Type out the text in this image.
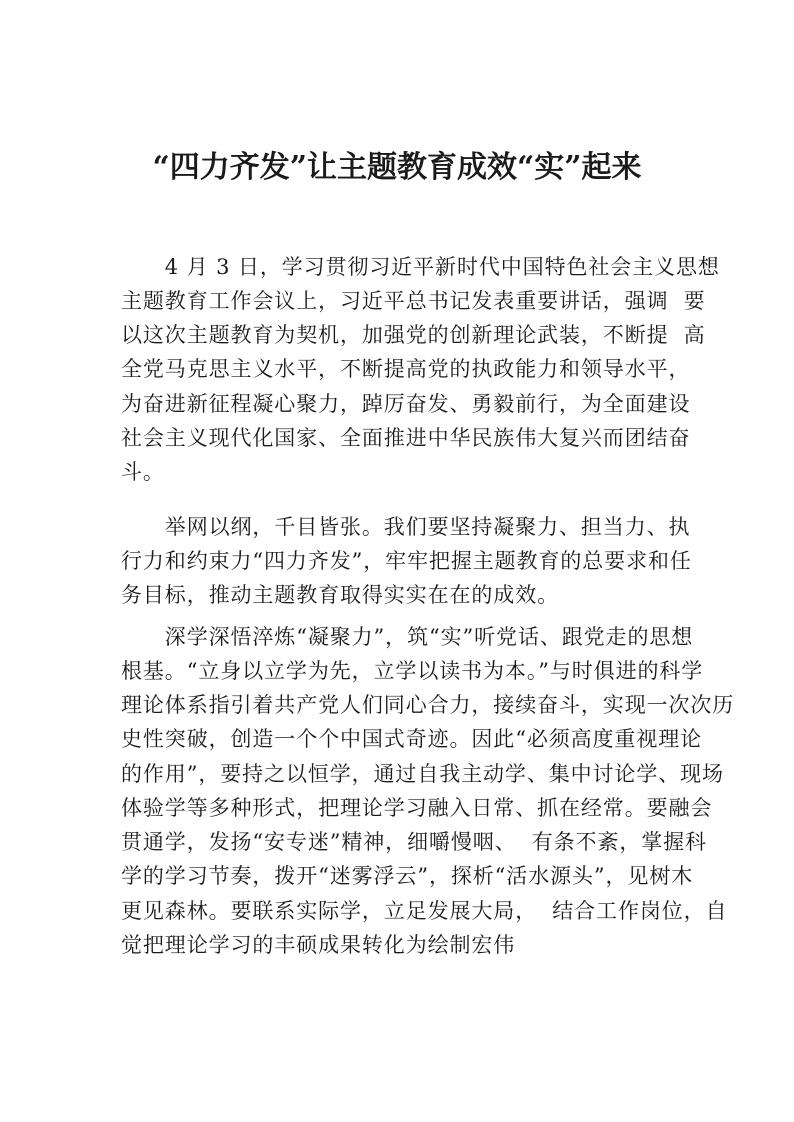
“四力齐发”让主题教育成效“实”起来
　　4 月 3 日，学习贯彻习近平新时代中国特色社会主义思想
主题教育工作会议上，习近平总书记发表重要讲话，强调  要
以这次主题教育为契机，加强党的创新理论武装，不断提  高
全党马克思主义水平，不断提高党的执政能力和领导水平，
为奋进新征程凝心聚力，踔厉奋发、勇毅前行，为全面建设
社会主义现代化国家、全面推进中华民族伟大复兴而团结奋
斗。
　　举网以纲，千目皆张。我们要坚持凝聚力、担当力、执
行力和约束力“四力齐发”，牢牢把握主题教育的总要求和任
务目标，推动主题教育取得实实在在的成效。
　　深学深悟淬炼“凝聚力”，筑“实”听党话、跟党走的思想
根基。“立身以立学为先，立学以读书为本。”与时俱进的科学
理论体系指引着共产党人们同心合力，接续奋斗，实现一次次历
史性突破，创造一个个中国式奇迹。因此“必须高度重视理论
的作用”，要持之以恒学，通过自我主动学、集中讨论学、现场
体验学等多种形式，把理论学习融入日常、抓在经常。要融会
贯通学，发扬“安专迷”精神，细嚼慢咽、  有条不紊，掌握科
学的学习节奏，拨开“迷雾浮云”，探析“活水源头”，见树木
更见森林。要联系实际学，立足发展大局，  结合工作岗位，自
觉把理论学习的丰硕成果转化为绘制宏伟
